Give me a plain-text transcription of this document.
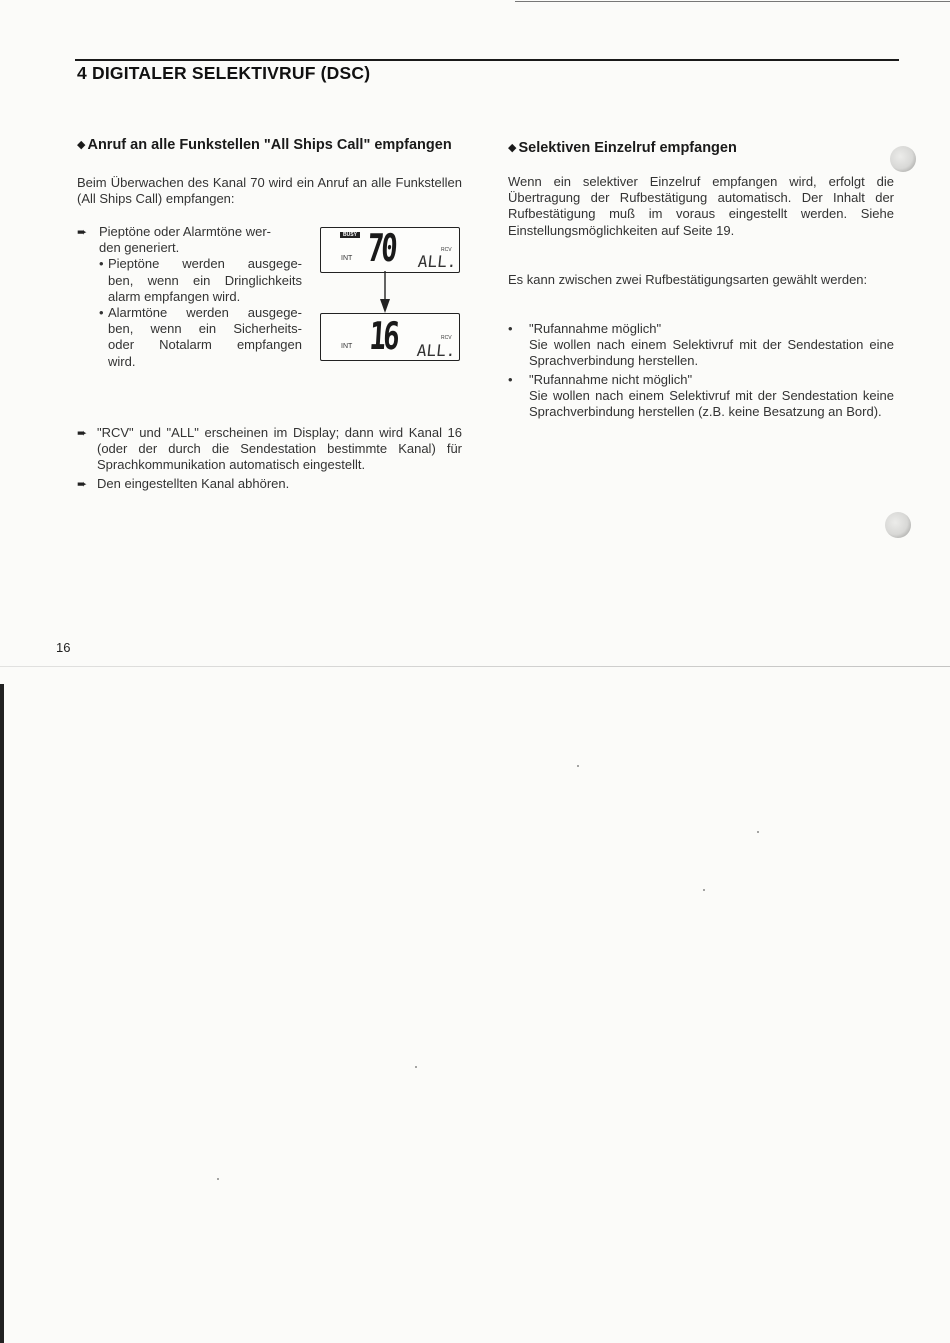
4 DIGITALER SELEKTIVRUF (DSC)
◆ Anruf an alle Funkstellen "All Ships Call" empfangen
Beim Überwachen des Kanal 70 wird ein Anruf an alle Funkstellen (All Ships Call) empfangen:
➨ Pieptöne oder Alarmtöne wer-
den generiert.
• Pieptöne werden ausgege-
ben, wenn ein Dringlichkeits
alarm empfangen wird.
• Alarmtöne werden ausgege-
ben, wenn ein Sicherheits-
oder Notalarm empfangen
wird.
BUSY
INT 70	RCV
ALL.
INT 16	RCV
ALL.
➨ "RCV" und "ALL" erscheinen im Display; dann wird Kanal 16 (oder der durch die Sendestation bestimmte Kanal) für Sprachkommunikation automatisch eingestellt.
➨ Den eingestellten Kanal abhören.
◆ Selektiven Einzelruf empfangen
Wenn ein selektiver Einzelruf empfangen wird, erfolgt die Übertragung der Rufbestätigung automatisch. Der Inhalt der Rufbestätigung muß im voraus eingestellt werden. Siehe Einstellungsmöglichkeiten auf Seite 19.
Es kann zwischen zwei Rufbestätigungsarten gewählt werden:
•	"Rufannahme möglich"
Sie wollen nach einem Selektivruf mit der Sendestation eine Sprachverbindung herstellen.
•	"Rufannahme nicht möglich"
Sie wollen nach einem Selektivruf mit der Sendestation keine Sprachverbindung herstellen (z.B. keine Besatzung an Bord).
16
